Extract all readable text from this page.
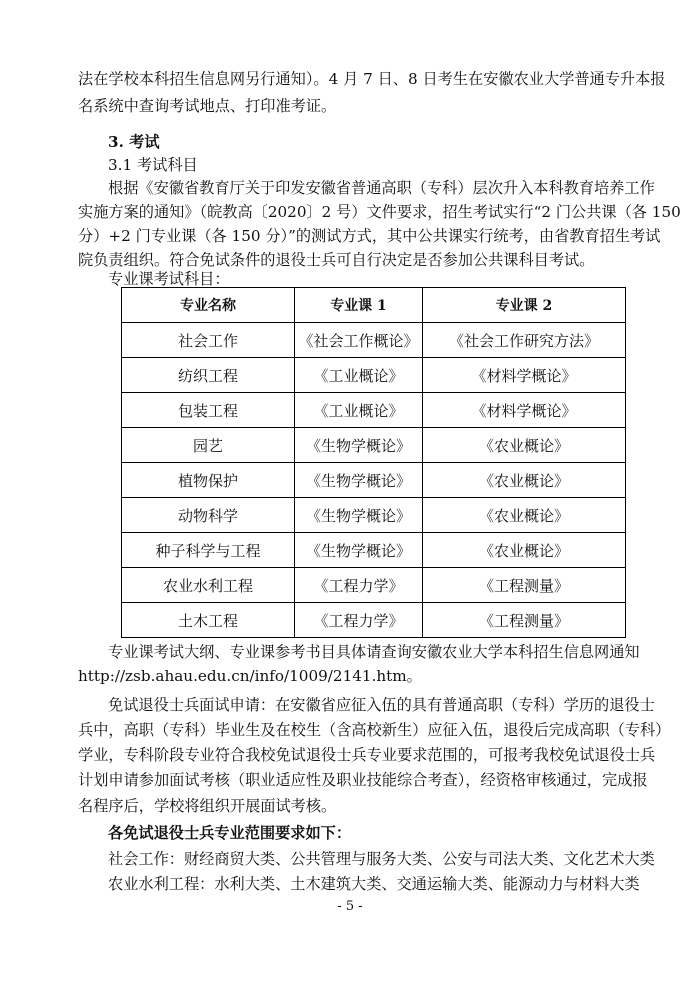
法在学校本科招生信息网另行通知）。4 月 7 日、8 日考生在安徽农业大学普通专升本报
名系统中查询考试地点、打印准考证。
3. 考试
3.1 考试科目
根据《安徽省教育厅关于印发安徽省普通高职（专科）层次升入本科教育培养工作
实施方案的通知》（皖教高〔2020〕2 号）文件要求，招生考试实行“2 门公共课（各 150
分）+2 门专业课（各 150 分）”的测试方式，其中公共课实行统考，由省教育招生考试
院负责组织。符合免试条件的退役士兵可自行决定是否参加公共课科目考试。
专业课考试科目：
专业名称	专业课 1	专业课 2
社会工作	《社会工作概论》	《社会工作研究方法》
纺织工程	《工业概论》	《材料学概论》
包装工程	《工业概论》	《材料学概论》
园艺	《生物学概论》	《农业概论》
植物保护	《生物学概论》	《农业概论》
动物科学	《生物学概论》	《农业概论》
种子科学与工程	《生物学概论》	《农业概论》
农业水利工程	《工程力学》	《工程测量》
土木工程	《工程力学》	《工程测量》
专业课考试大纲、专业课参考书目具体请查询安徽农业大学本科招生信息网通知
http://zsb.ahau.edu.cn/info/1009/2141.htm。
免试退役士兵面试申请：在安徽省应征入伍的具有普通高职（专科）学历的退役士
兵中，高职（专科）毕业生及在校生（含高校新生）应征入伍，退役后完成高职（专科）
学业，专科阶段专业符合我校免试退役士兵专业要求范围的，可报考我校免试退役士兵
计划申请参加面试考核（职业适应性及职业技能综合考查），经资格审核通过，完成报
名程序后，学校将组织开展面试考核。
各免试退役士兵专业范围要求如下：
社会工作：财经商贸大类、公共管理与服务大类、公安与司法大类、文化艺术大类
农业水利工程：水利大类、土木建筑大类、交通运输大类、能源动力与材料大类
- 5 -
